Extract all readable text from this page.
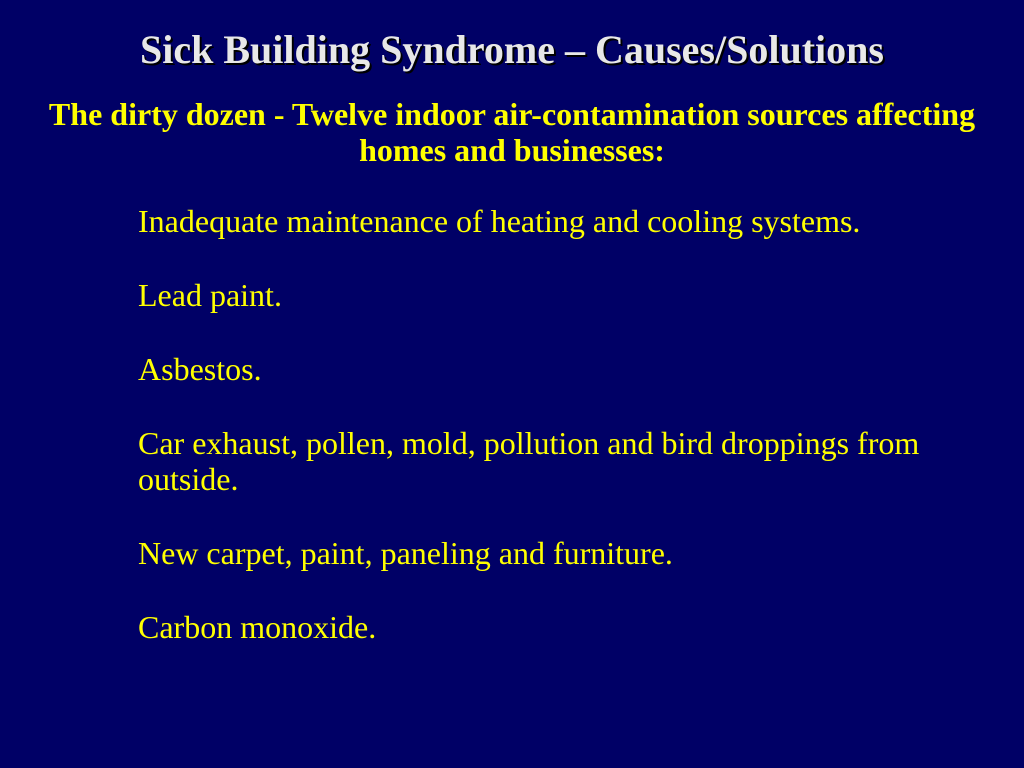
Sick Building Syndrome – Causes/Solutions

The dirty dozen - Twelve indoor air-contamination sources affecting homes and businesses:

Inadequate maintenance of heating and cooling systems.
Lead paint.
Asbestos.
Car exhaust, pollen, mold, pollution and bird droppings from outside.
New carpet, paint, paneling and furniture.
Carbon monoxide.
